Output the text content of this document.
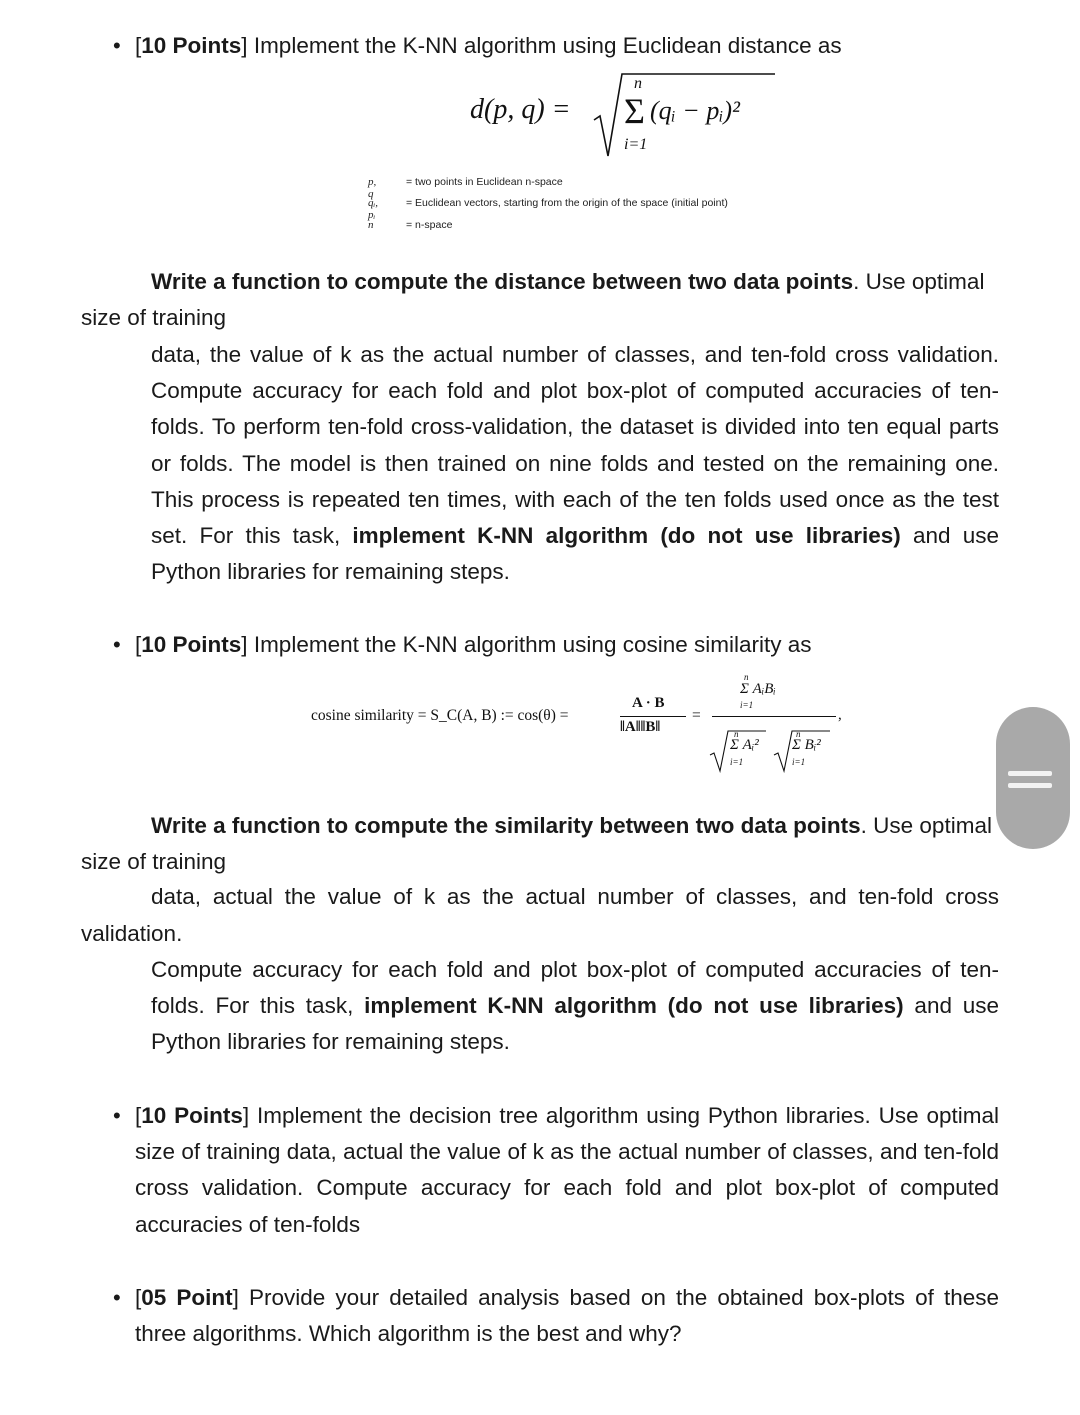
• [10 Points] Implement the K-NN algorithm using Euclidean distance as
d(p, q) =
n
Σ
i=1
(qᵢ − pᵢ)²
p, q
= two points in Euclidean n-space
qᵢ, pᵢ
= Euclidean vectors, starting from the origin of the space (initial point)
n	= n-space
Write a function to compute the distance between two data points. Use optimal
size of training
data, the value of k as the actual number of classes, and ten-fold cross validation. Compute accuracy for each fold and plot box-plot of computed accuracies of ten-folds. To perform ten-fold cross-validation, the dataset is divided into ten equal parts or folds. The model is then trained on nine folds and tested on the remaining one. This process is repeated ten times, with each of the ten folds used once as the test set. For this task, implement K-NN algorithm (do not use libraries) and use Python libraries for remaining steps.
• [10 Points] Implement the K-NN algorithm using cosine similarity as
cosine similarity = S_C(A, B) := cos(θ) =
A · B
‖A‖‖B‖
=
n
Σ AᵢBᵢ
i=1
n
Σ Aᵢ²
i=1
n
Σ Bᵢ²
i=1
,
Write a function to compute the similarity between two data points. Use optimal
size of training
data, actual the value of k as the actual number of classes, and ten-fold cross
validation.
Compute accuracy for each fold and plot box-plot of computed accuracies of ten-folds. For this task, implement K-NN algorithm (do not use libraries) and use Python libraries for remaining steps.
• [10 Points] Implement the decision tree algorithm using Python libraries. Use optimal size of training data, actual the value of k as the actual number of classes, and ten-fold cross validation. Compute accuracy for each fold and plot box-plot of computed accuracies of ten-folds
• [05 Point] Provide your detailed analysis based on the obtained box-plots of these three algorithms. Which algorithm is the best and why?
